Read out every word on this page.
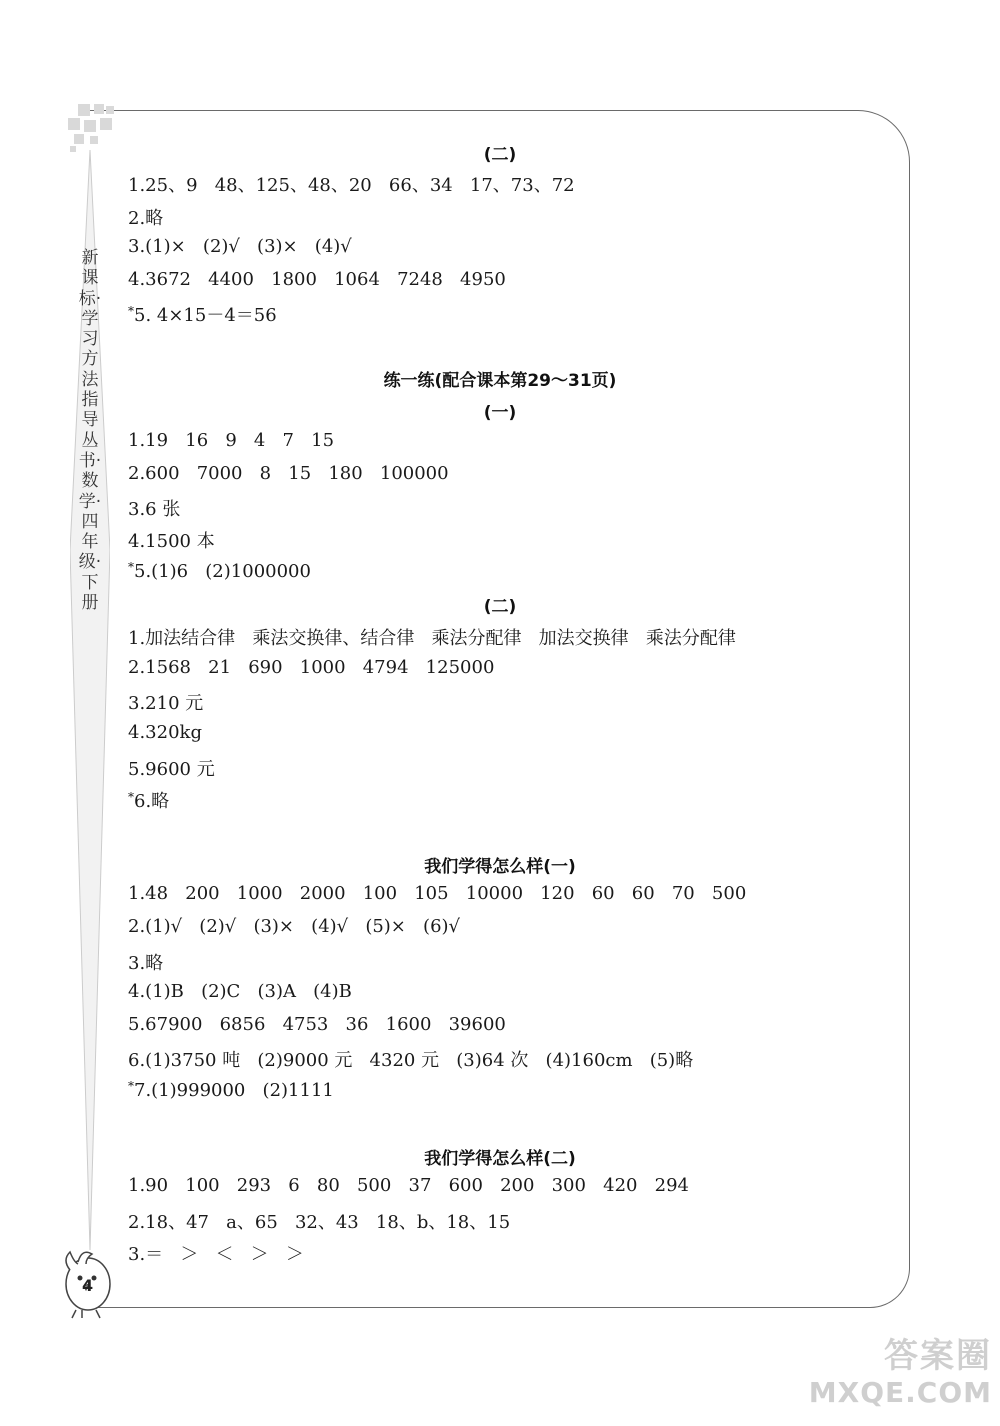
新课标·学习方法指导丛书·数学·四年级·下册
(二)
1.25、9   48、125、48、20   66、34   17、73、72
2.略
3.(1)×   (2)√   (3)×   (4)√
4.3672   4400   1800   1064   7248   4950
*5. 4×15－4＝56
练一练(配合课本第29～31页)
(一)
1.19   16   9   4   7   15
2.600   7000   8   15   180   100000
3.6 张
4.1500 本
*5.(1)6   (2)1000000
(二)
1.加法结合律   乘法交换律、结合律   乘法分配律   加法交换律   乘法分配律
2.1568   21   690   1000   4794   125000
3.210 元
4.320kg
5.9600 元
*6.略
我们学得怎么样(一)
1.48   200   1000   2000   100   105   10000   120   60   60   70   500
2.(1)√   (2)√   (3)×   (4)√   (5)×   (6)√
3.略
4.(1)B   (2)C   (3)A   (4)B
5.67900   6856   4753   36   1600   39600
6.(1)3750 吨   (2)9000 元   4320 元   (3)64 次   (4)160cm   (5)略
*7.(1)999000   (2)1111
我们学得怎么样(二)
1.90   100   293   6   80   500   37   600   200   300   420   294
2.18、47   a、65   32、43   18、b、18、15
3.＝   ＞   ＜   ＞   ＞
4
答案圈
MXQE.COM
